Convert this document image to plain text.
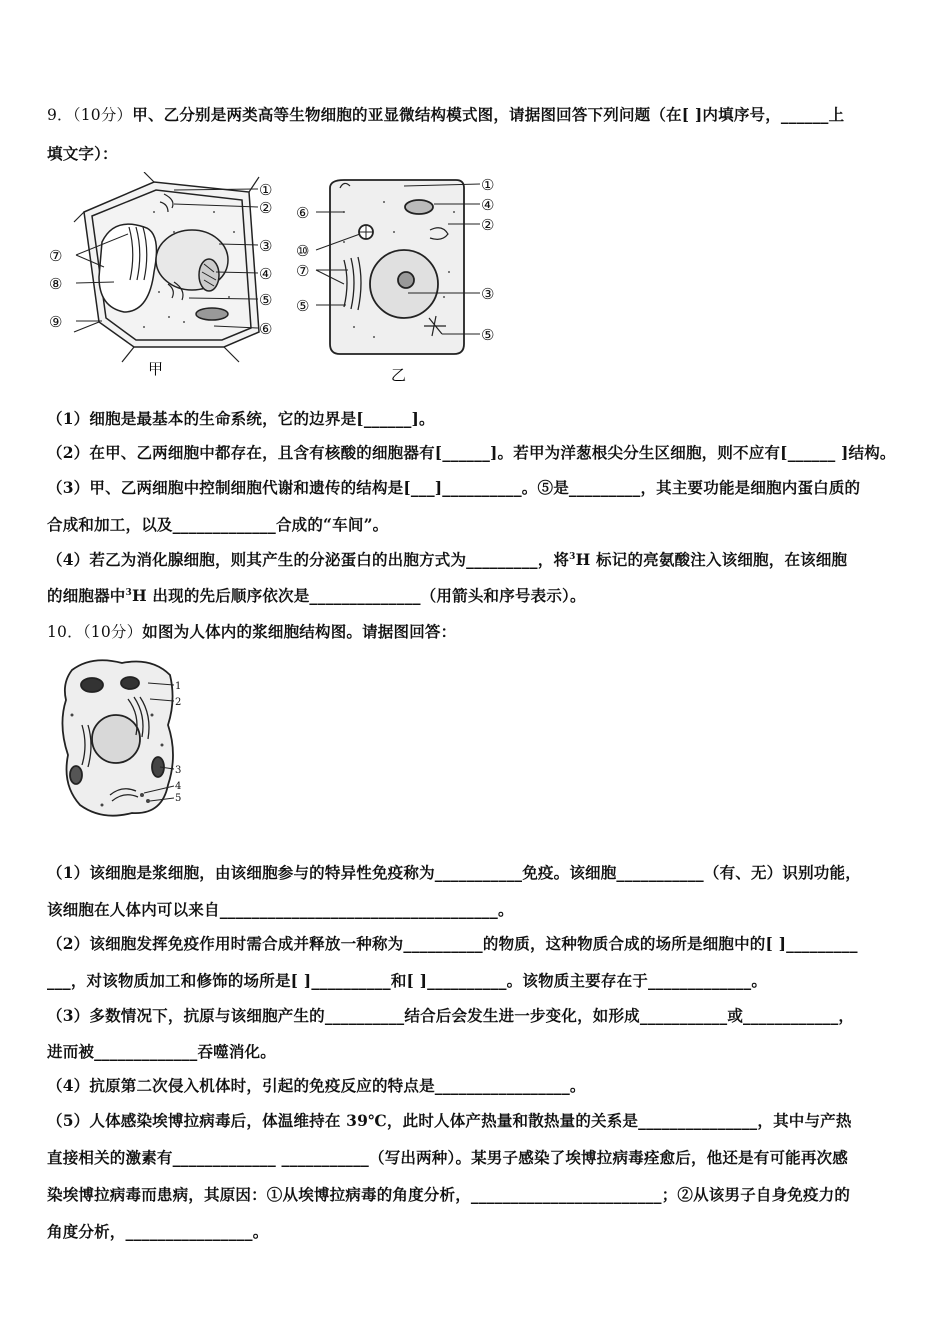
9．（10分）甲、乙分别是两类高等生物细胞的亚显微结构模式图，请据图回答下列问题（在[ ]内填序号，______上
填文字）：
①
②
③
④
⑤
⑥
⑦
⑧
⑨
甲
①
④
②
⑥
⑩
⑦
③
⑤
⑤
乙
（1）细胞是最基本的生命系统，它的边界是[______]。
（2）在甲、乙两细胞中都存在，且含有核酸的细胞器有[______]。若甲为洋葱根尖分生区细胞，则不应有[______ ]结构。
（3）甲、乙两细胞中控制细胞代谢和遗传的结构是[___]__________。⑤是_________，其主要功能是细胞内蛋白质的
合成和加工，以及_____________合成的“车间”。
（4）若乙为消化腺细胞，则其产生的分泌蛋白的出胞方式为_________，将$^3$H 标记的亮氨酸注入该细胞，在该细胞
的细胞器中$^3$H 出现的先后顺序依次是______________（用箭头和序号表示）。
10．（10分）如图为人体内的浆细胞结构图。请据图回答：
1
2
3
4
5
（1）该细胞是浆细胞，由该细胞参与的特异性免疫称为___________免疫。该细胞___________（有、无）识别功能，
该细胞在人体内可以来自___________________________________。
（2）该细胞发挥免疫作用时需合成并释放一种称为__________的物质，这种物质合成的场所是细胞中的[ ]_________
___，对该物质加工和修饰的场所是[ ]__________和[ ]__________。该物质主要存在于_____________。
（3）多数情况下，抗原与该细胞产生的__________结合后会发生进一步变化，如形成___________或____________，
进而被_____________吞噬消化。
（4）抗原第二次侵入机体时，引起的免疫反应的特点是_________________。
（5）人体感染埃博拉病毒后，体温维持在 39℃，此时人体产热量和散热量的关系是_______________，其中与产热
直接相关的激素有_____________ ___________（写出两种）。某男子感染了埃博拉病毒痊愈后，他还是有可能再次感
染埃博拉病毒而患病，其原因：①从埃博拉病毒的角度分析，________________________；②从该男子自身免疫力的
角度分析，________________。
